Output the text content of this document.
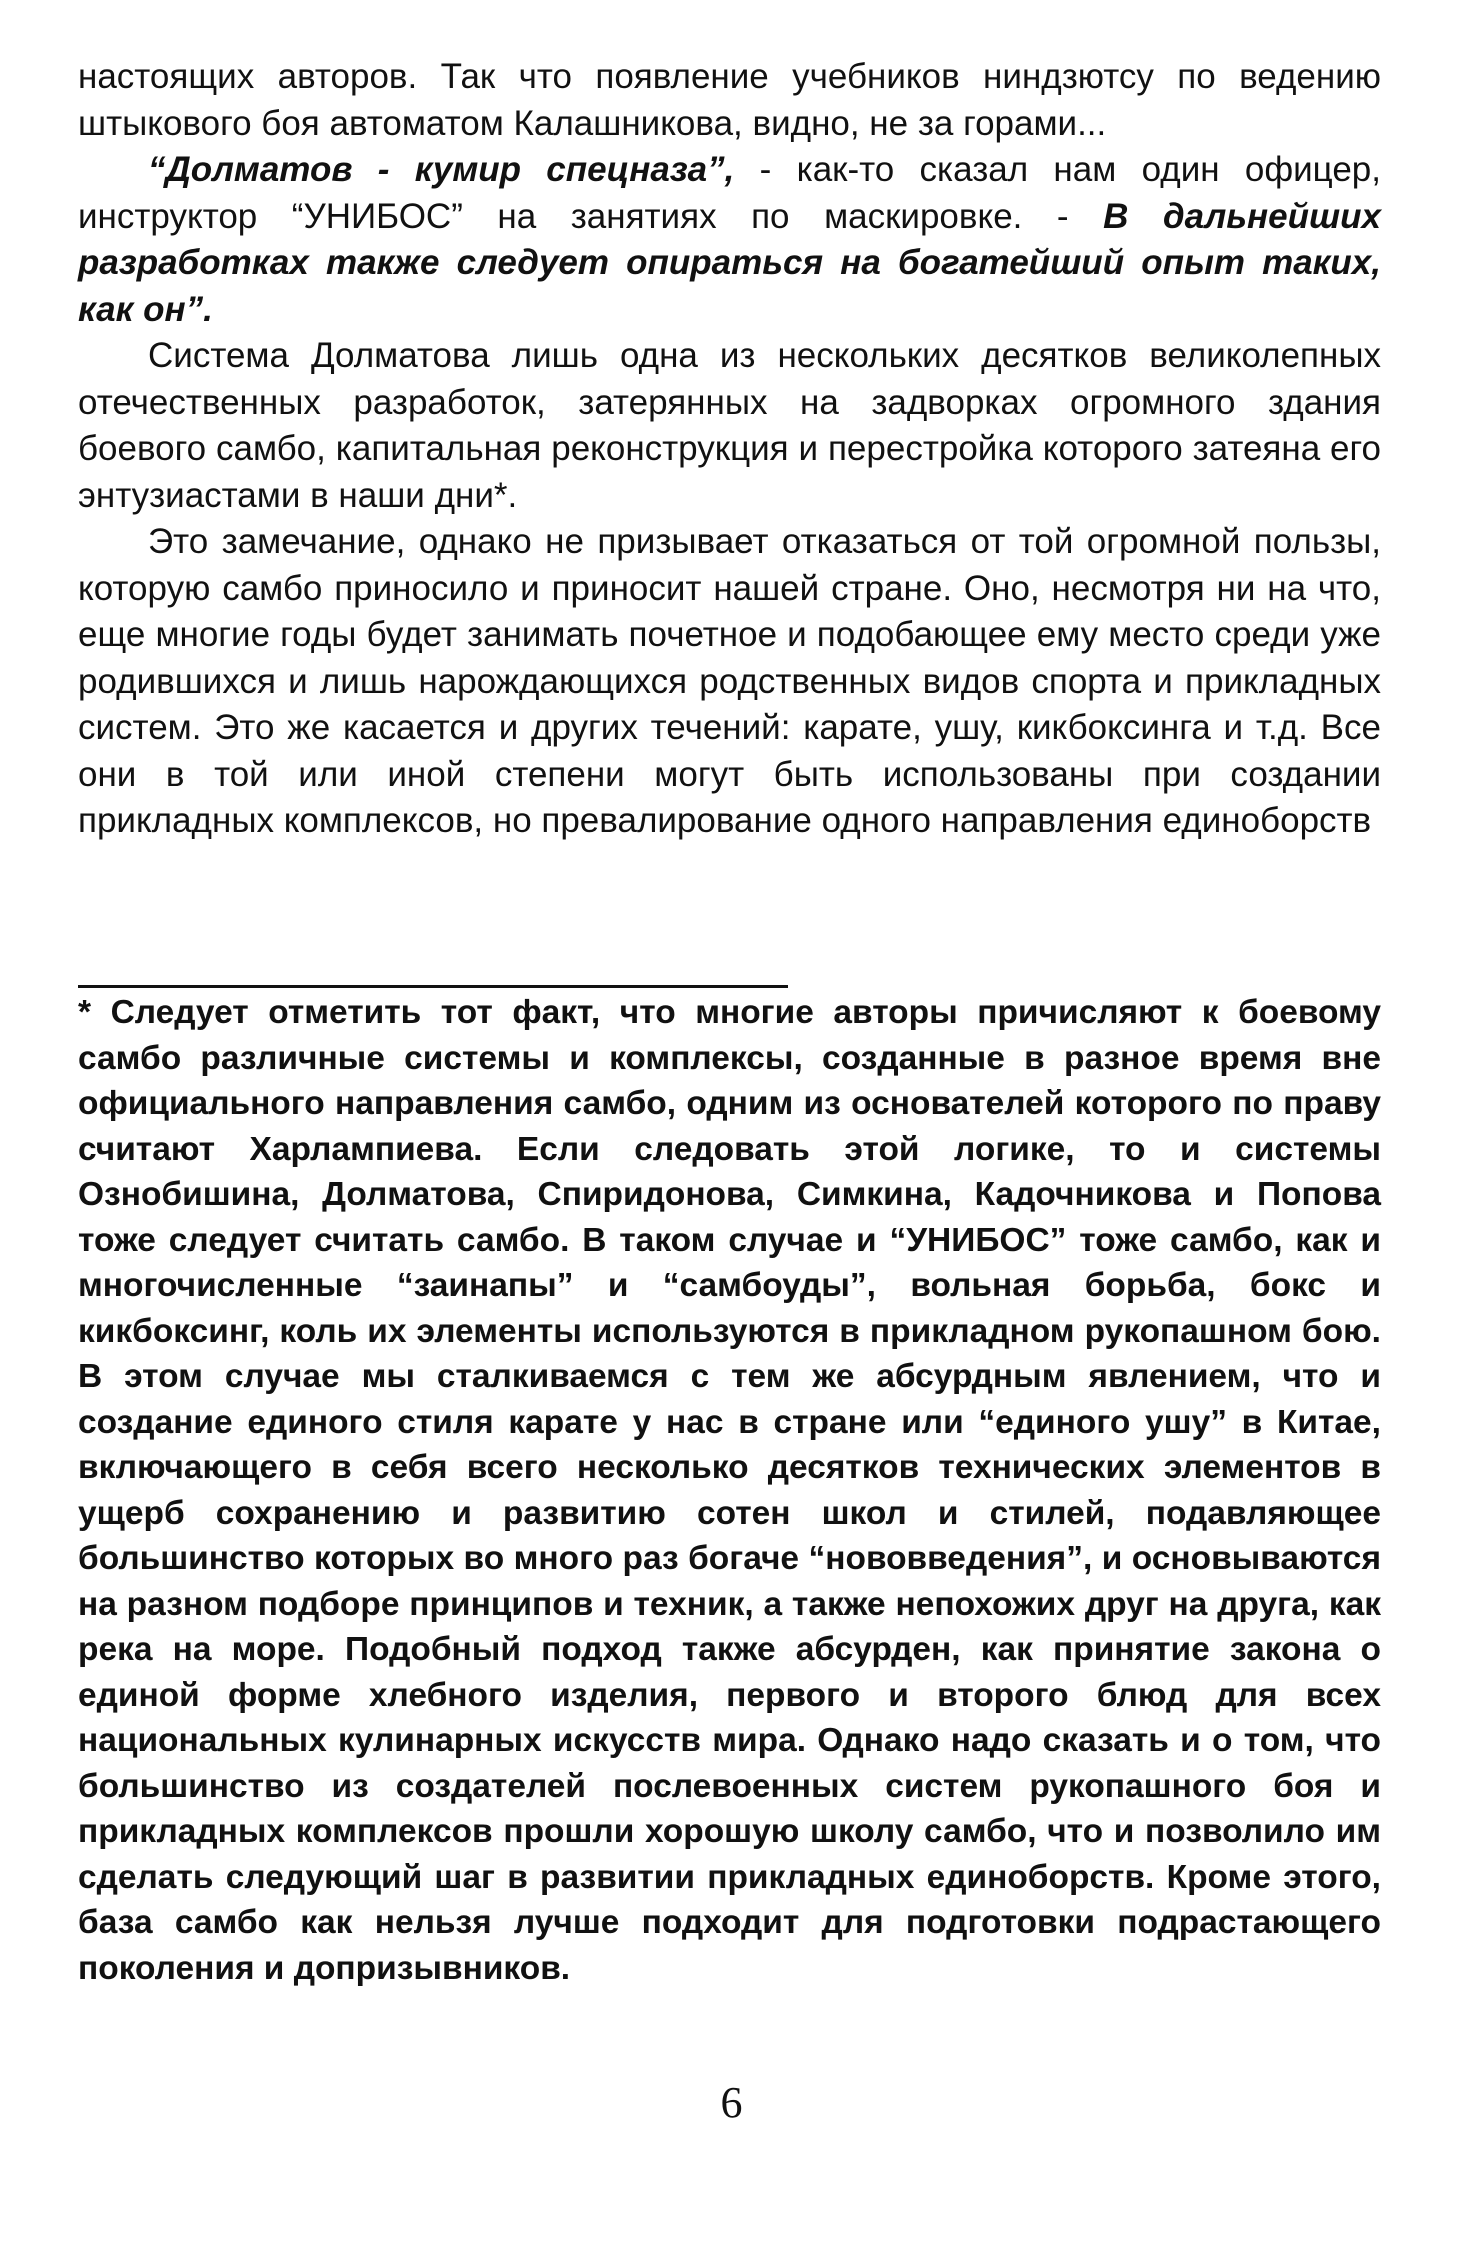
настоящих авторов. Так что появление учебников ниндзютсу по ведению штыкового боя автоматом Калашникова, видно, не за горами...

“Долматов - кумир спецназа”, - как-то сказал нам один офицер, инструктор “УНИБОС” на занятиях по маскировке. - В дальнейших разработках также следует опираться на богатейший опыт таких, как он”.

Система Долматова лишь одна из нескольких десятков великолепных отечественных разработок, затерянных на задворках огромного здания боевого самбо, капитальная реконструкция и перестройка которого затеяна его энтузиастами в наши дни*.

Это замечание, однако не призывает отказаться от той огромной пользы, которую самбо приносило и приносит нашей стране. Оно, несмотря ни на что, еще многие годы будет занимать почетное и подобающее ему место среди уже родившихся и лишь нарождающихся родственных видов спорта и прикладных систем. Это же касается и других течений: карате, ушу, кикбоксинга и т.д. Все они в той или иной степени могут быть использованы при создании прикладных комплексов, но превалирование одного направления единоборств

* Следует отметить тот факт, что многие авторы причисляют к боевому самбо различные системы и комплексы, созданные в разное время вне официального направления самбо, одним из основателей которого по праву считают Харлампиева. Если следовать этой логике, то и системы Ознобишина, Долматова, Спиридонова, Симкина, Кадочникова и Попова тоже следует считать самбо. В таком случае и “УНИБОС” тоже самбо, как и многочисленные “заинапы” и “самбоуды”, вольная борьба, бокс и кикбоксинг, коль их элементы используются в прикладном рукопашном бою. В этом случае мы сталкиваемся с тем же абсурдным явлением, что и создание единого стиля карате у нас в стране или “единого ушу” в Китае, включающего в себя всего несколько десятков технических элементов в ущерб сохранению и развитию сотен школ и стилей, подавляющее большинство которых во много раз богаче “нововведения”, и основываются на разном подборе принципов и техник, а также непохожих друг на друга, как река на море. Подобный подход также абсурден, как принятие закона о единой форме хлебного изделия, первого и второго блюд для всех национальных кулинарных искусств мира. Однако надо сказать и о том, что большинство из создателей послевоенных систем рукопашного боя и прикладных комплексов прошли хорошую школу самбо, что и позволило им сделать следующий шаг в развитии прикладных единоборств. Кроме этого, база самбо как нельзя лучше подходит для подготовки подрастающего поколения и допризывников.

6
